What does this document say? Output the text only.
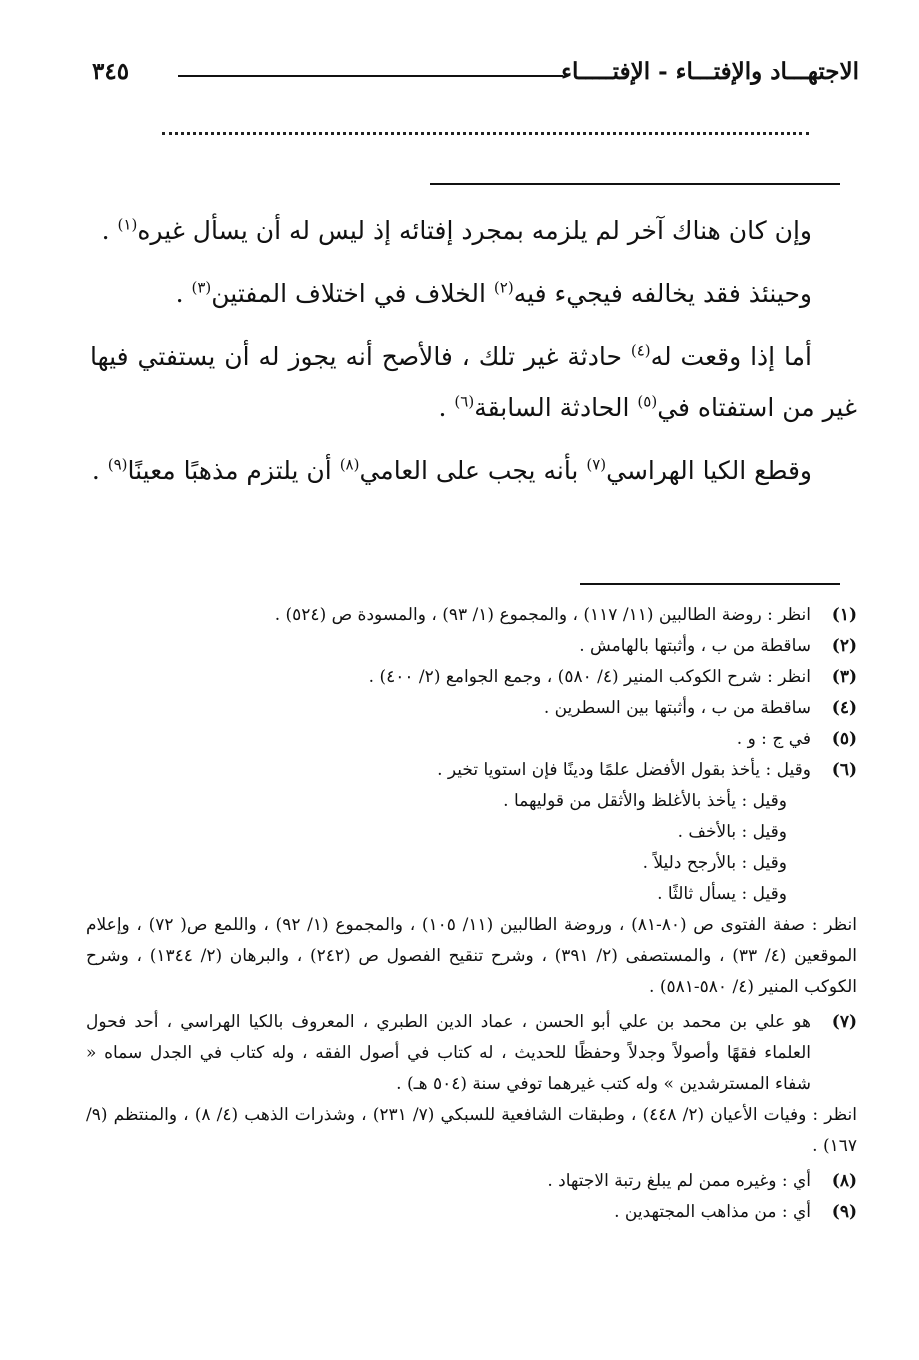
الاجتهـــاد والإفتـــاء - الإفتـــــاء
٣٤٥

وإن كان هناك آخر لم يلزمه بمجرد إفتائه إذ ليس له أن يسأل غيره$^{(١)}$ .

وحينئذ فقد يخالفه فيجيء فيه$^{(٢)}$ الخلاف في اختلاف المفتين$^{(٣)}$ .

أما إذا وقعت له$^{(٤)}$ حادثة غير تلك ، فالأصح أنه يجوز له أن يستفتي فيها غير من استفتاه في$^{(٥)}$ الحادثة السابقة$^{(٦)}$ .

وقطع الكيا الهراسي$^{(٧)}$ بأنه يجب على العامي$^{(٨)}$ أن يلتزم مذهبًا معينًا$^{(٩)}$ .

(١)
انظر : روضة الطالبين (١١/ ١١٧) ، والمجموع (١/ ٩٣) ، والمسودة ص (٥٢٤) .
(٢)
ساقطة من ب ، وأثبتها بالهامش .
(٣)
انظر : شرح الكوكب المنير (٤/ ٥٨٠) ، وجمع الجوامع (٢/ ٤٠٠) .
(٤)
ساقطة من ب ، وأثبتها بين السطرين .
(٥)
في ج : و .
(٦)
وقيل : يأخذ بقول الأفضل علمًا ودينًا فإن استويا تخير .
وقيل : يأخذ بالأغلظ والأثقل من قوليهما .
وقيل : بالأخف .
وقيل : بالأرجح دليلاً .
وقيل : يسأل ثالثًا .
انظر : صفة الفتوى ص (٨٠-٨١) ، وروضة الطالبين (١١/ ١٠٥) ، والمجموع (١/ ٩٢) ، واللمع ص( ٧٢) ، وإعلام الموقعين (٤/ ٣٣) ، والمستصفى (٢/ ٣٩١) ، وشرح تنقيح الفصول ص (٢٤٢) ، والبرهان (٢/ ١٣٤٤) ، وشرح الكوكب المنير (٤/ ٥٨٠-٥٨١) .
(٧)
هو علي بن محمد بن علي أبو الحسن ، عماد الدين الطبري ، المعروف بالكيا الهراسي ، أحد فحول العلماء فقهًا وأصولاً وجدلاً وحفظًا للحديث ، له كتاب في أصول الفقه ، وله كتاب في الجدل سماه « شفاء المسترشدين » وله كتب غيرهما توفي سنة (٥٠٤ هـ) .
انظر : وفيات الأعيان (٢/ ٤٤٨) ، وطبقات الشافعية للسبكي (٧/ ٢٣١) ، وشذرات الذهب (٤/ ٨) ، والمنتظم (٩/ ١٦٧) .
(٨)
أي : وغيره ممن لم يبلغ رتبة الاجتهاد .
(٩)
أي : من مذاهب المجتهدين .
